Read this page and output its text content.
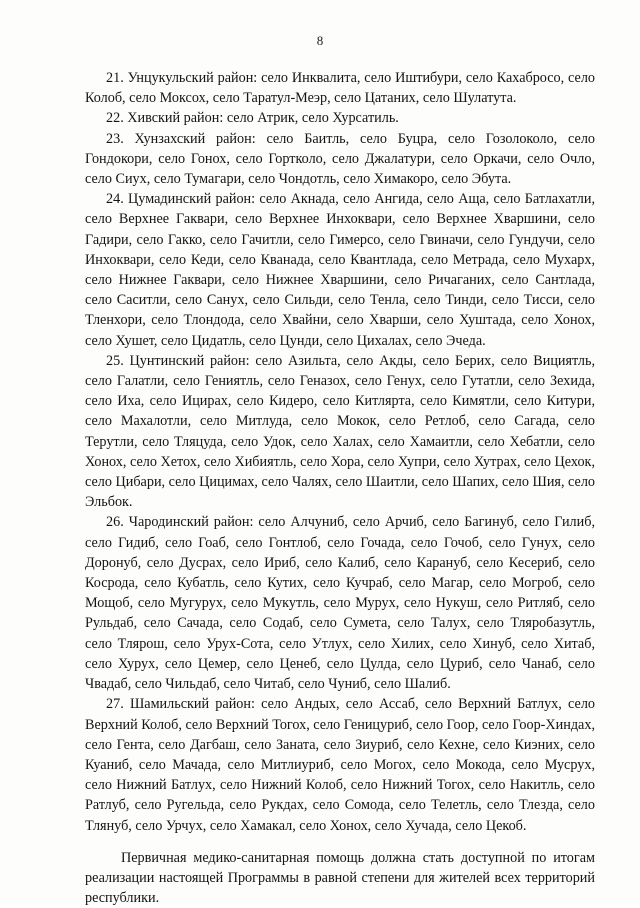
8

21. Унцукульский район: село Инквалита, село Иштибури, село Кахабросо, село Колоб, село Моксох, село Таратул-Меэр, село Цатаних, село Шулатута.

22. Хивский район: село Атрик, село Хурсатиль.

23. Хунзахский район: село Баитль, село Буцра, село Гозолоколо, село Гондокори, село Гонох, село Гортколo, село Джалатури, село Оркачи, село Очло, село Сиух, село Тумагари, село Чондотль, село Химакоро, село Эбута.

24. Цумадинский район: село Акнада, село Ангида, село Аща, село Батлахатли, село Верхнее Гаквари, село Верхнее Инхоквари, село Верхнее Хваршини, село Гадири, село Гакко, село Гачитли, село Гимерсо, село Гвиначи, село Гундучи, село Инхоквари, село Кеди, село Кванада, село Квантлада, село Метрада, село Мухарх, село Нижнее Гаквари, село Нижнее Хваршини, село Ричаганих, село Сантлада, село Саситли, село Санух, село Сильди, село Тенла, село Тинди, село Тисси, село Тленхори, село Тлондода, село Хвайни, село Хварши, село Хуштада, село Хонох, село Хушет, село Цидатль, село Цунди, село Цихалах, село Эчеда.

25. Цунтинский район: село Азильта, село Акды, село Берих, село Вициятль, село Галатли, село Гениятль, село Геназох, село Генух, село Гутатли, село Зехида, село Иха, село Ицирах, село Кидеро, село Китлярта, село Кимятли, село Китури, село Махалотли, село Митлуда, село Мокок, село Ретлоб, село Сагада, село Терутли, село Тляцуда, село Удок, село Халах, село Хамаитли, село Хебатли, село Хонох, село Хетох, село Хибиятль, село Хора, село Хупри, село Хутрах, село Цехок, село Цибари, село Цицимах, село Чалях, село Шаитли, село Шапих, село Шия, село Эльбок.

26. Чародинский район: село Алчуниб, село Арчиб, село Багинуб, село Гилиб, село Гидиб, село Гоаб, село Гонтлоб, село Гочада, село Гочоб, село Гунух, село Доронуб, село Дусрах, село Ириб, село Калиб, село Карануб, село Кесериб, село Косрода, село Кубатль, село Кутих, село Кучраб, село Магар, село Могроб, село Мощоб, село Мугурух, село Мукутль, село Мурух, село Нукуш, село Ритляб, село Рульдаб, село Сачада, село Содаб, село Сумета, село Талух, село Тляробазутль, село Тлярош, село Урух-Сота, село Утлух, село Хилих, село Хинуб, село Хитаб, село Хурух, село Цемер, село Ценеб, село Цулда, село Цуриб, село Чанаб, село Чвадаб, село Чильдаб, село Читаб, село Чуниб, село Шалиб.

27. Шамильский район: село Андых, село Ассаб, село Верхний Батлух, село Верхний Колоб, село Верхний Тогох, село Геницуриб, село Гоор, село Гоор-Хиндах, село Гента, село Дагбаш, село Заната, село Зиуриб, село Кехне, село Киэних, село Куаниб, село Мачада, село Митлиуриб, село Могох, село Мокода, село Мусрух, село Нижний Батлух, село Нижний Колоб, село Нижний Тогох, село Накитль, село Ратлуб, село Ругельда, село Рукдах, село Сомода, село Телетль, село Тлезда, село Тлянуб, село Урчух, село Хамакал, село Хонох, село Хучада, село Цекоб.

Первичная медико-санитарная помощь должна стать доступной по итогам реализации настоящей Программы в равной степени для жителей всех территорий республики.
